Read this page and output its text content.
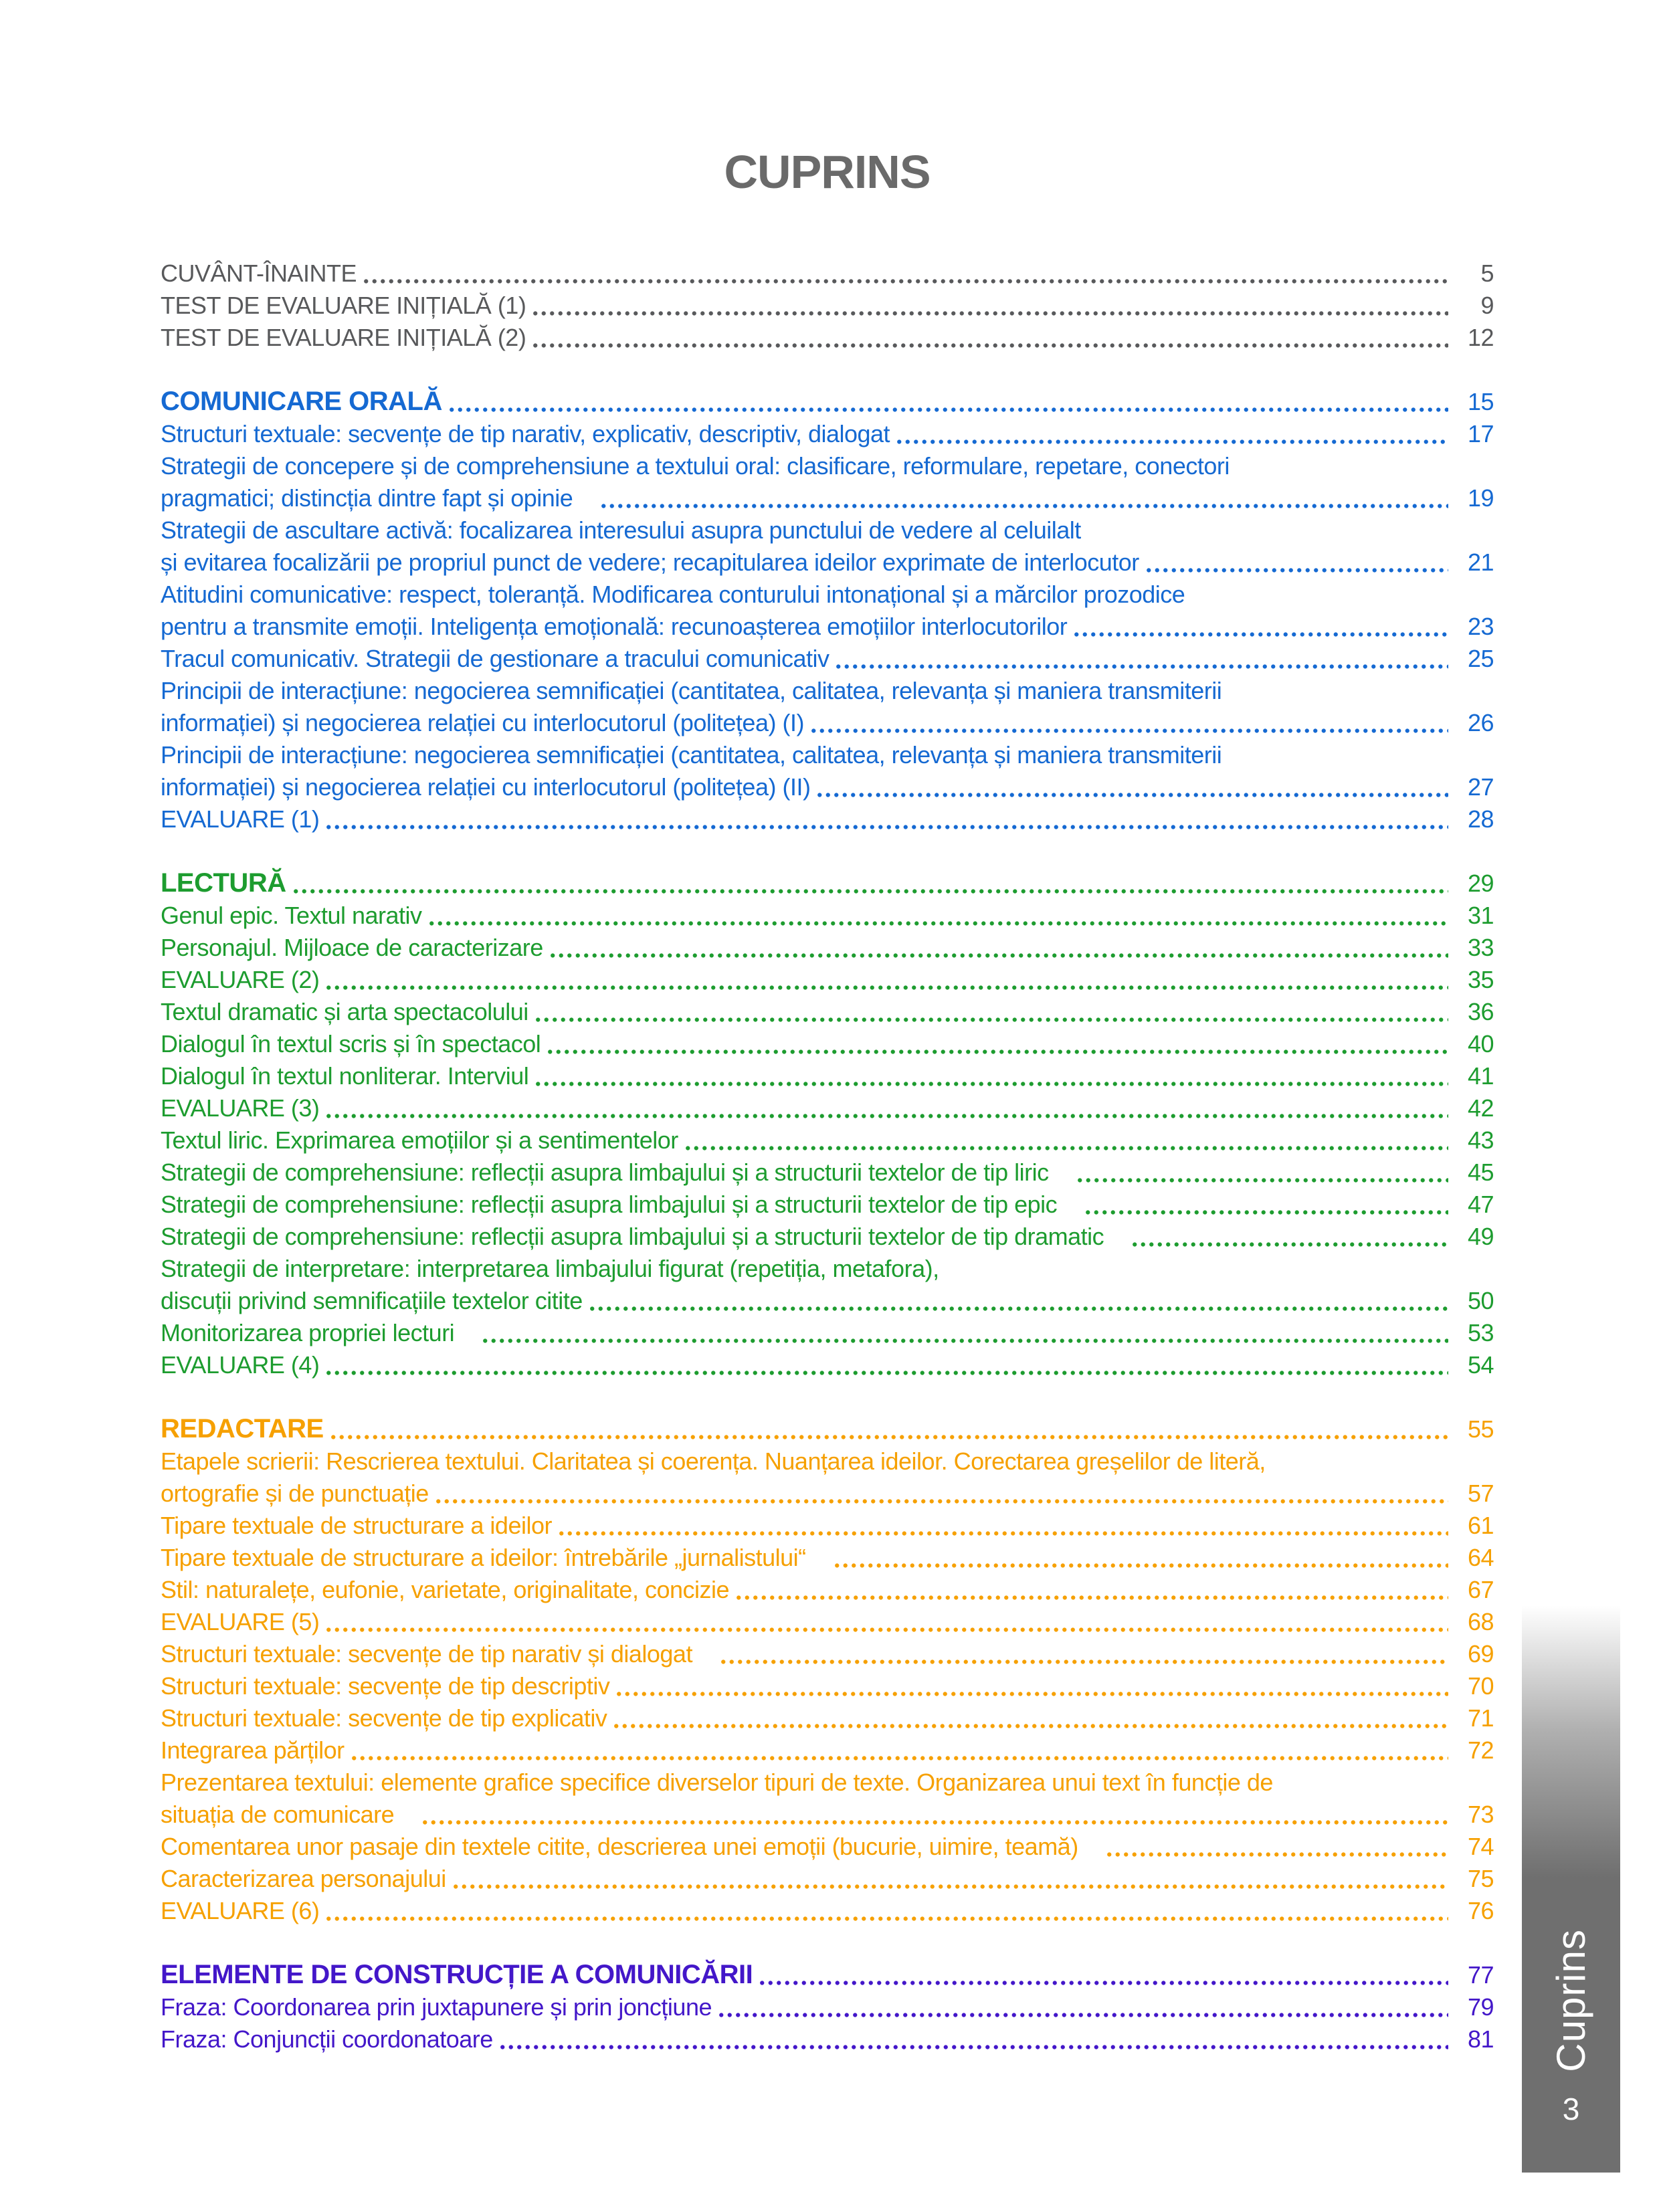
CUPRINS
CUVÂNT-ÎNAINTE	5
TEST DE EVALUARE INIȚIALĂ (1)	9
TEST DE EVALUARE INIȚIALĂ (2)	12
COMUNICARE ORALĂ	15
Structuri textuale: secvențe de tip narativ, explicativ, descriptiv, dialogat	17
Strategii de concepere și de comprehensiune a textului oral: clasificare, reformulare, repetare, conectori
pragmatici; distincția dintre fapt și opinie	19
Strategii de ascultare activă: focalizarea interesului asupra punctului de vedere al celuilalt
și evitarea focalizării pe propriul punct de vedere; recapitularea ideilor exprimate de interlocutor	21
Atitudini comunicative: respect, toleranță. Modificarea conturului intonațional și a mărcilor prozodice
pentru a transmite emoții. Inteligența emoțională: recunoașterea emoțiilor interlocutorilor	23
Tracul comunicativ. Strategii de gestionare a tracului comunicativ	25
Principii de interacțiune: negocierea semnificației (cantitatea, calitatea, relevanța și maniera transmiterii
informației) și negocierea relației cu interlocutorul (politețea) (I)	26
Principii de interacțiune: negocierea semnificației (cantitatea, calitatea, relevanța și maniera transmiterii
informației) și negocierea relației cu interlocutorul (politețea) (II)	27
EVALUARE (1)	28
LECTURĂ	29
Genul epic. Textul narativ	31
Personajul. Mijloace de caracterizare	33
EVALUARE (2)	35
Textul dramatic și arta spectacolului	36
Dialogul în textul scris și în spectacol	40
Dialogul în textul nonliterar. Interviul	41
EVALUARE (3)	42
Textul liric. Exprimarea emoțiilor și a sentimentelor	43
Strategii de comprehensiune: reflecții asupra limbajului și a structurii textelor de tip liric	45
Strategii de comprehensiune: reflecții asupra limbajului și a structurii textelor de tip epic	47
Strategii de comprehensiune: reflecții asupra limbajului și a structurii textelor de tip dramatic	49
Strategii de interpretare: interpretarea limbajului figurat (repetiția, metafora),
discuții privind semnificațiile textelor citite	50
Monitorizarea propriei lecturi	53
EVALUARE (4)	54
REDACTARE	55
Etapele scrierii: Rescrierea textului. Claritatea și coerența. Nuanțarea ideilor. Corectarea greșelilor de literă,
ortografie și de punctuație	57
Tipare textuale de structurare a ideilor	61
Tipare textuale de structurare a ideilor: întrebările „jurnalistului“	64
Stil: naturalețe, eufonie, varietate, originalitate, concizie	67
EVALUARE (5)	68
Structuri textuale: secvențe de tip narativ și dialogat	69
Structuri textuale: secvențe de tip descriptiv	70
Structuri textuale: secvențe de tip explicativ	71
Integrarea părților	72
Prezentarea textului: elemente grafice specifice diverselor tipuri de texte. Organizarea unui text în funcție de
situația de comunicare	73
Comentarea unor pasaje din textele citite, descrierea unei emoții (bucurie, uimire, teamă)	74
Caracterizarea personajului	75
EVALUARE (6)	76
ELEMENTE DE CONSTRUCȚIE A COMUNICĂRII	77
Fraza: Coordonarea prin juxtapunere și prin joncțiune	79
Fraza: Conjuncții coordonatoare	81 Cuprins
3
